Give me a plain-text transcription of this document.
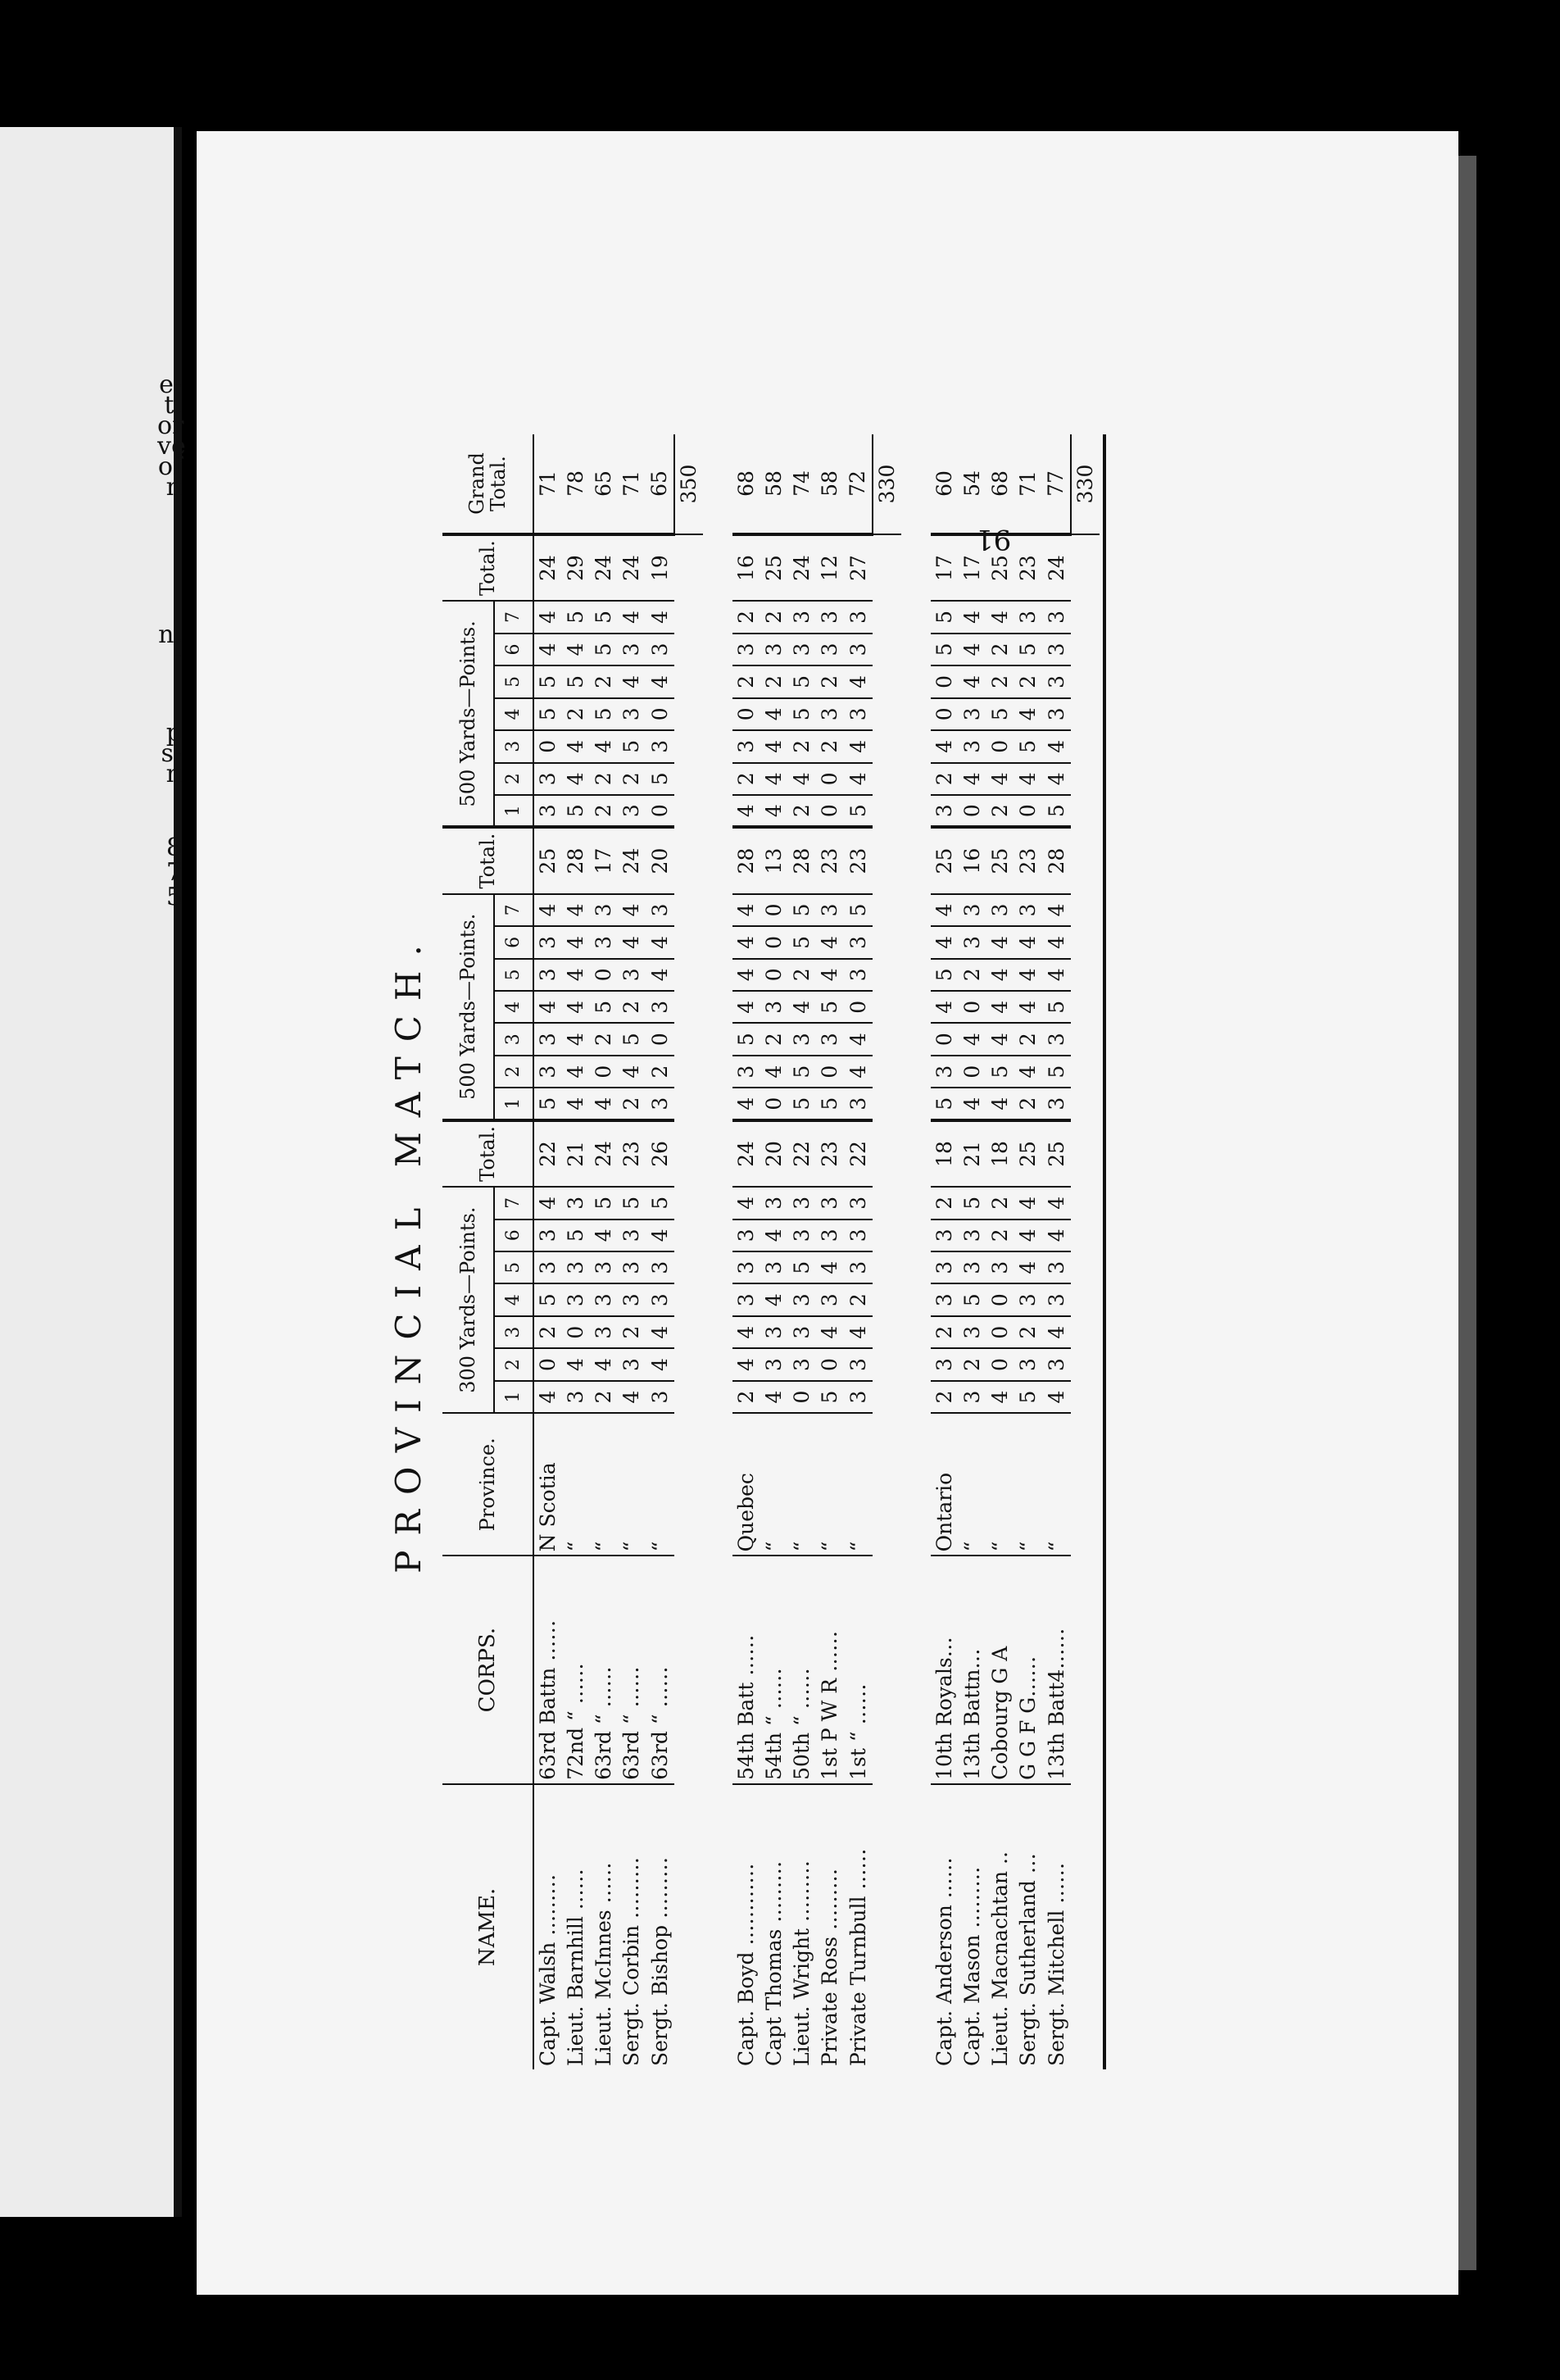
e-
t.
or
ve
of
n
n.
-
p
s-
n
8
7
5
91
PROVINCIAL MATCH.
NAME.	CORPS.	Province.	300 Yards—Points.							Total.	500 Yards—Points.							Total.	500 Yards—Points.							Total.	Grand Total.
			1	2	3	4	5	6	7		1	2	3	4	5	6	7		1	2	3	4	5	6	7		
Capt. Walsh ………	63rd Battn ……	N Scotia	4	0	2	5	3	3	4	22	5	3	3	4	3	3	4	25	3	3	0	5	5	4	4	24	71
Lieut. Barnhill ……	72nd “ ……	“	3	4	0	3	3	5	3	21	4	4	4	4	4	4	4	28	5	4	4	2	5	4	5	29	78
Lieut. McInnes ……	63rd “ ……	“	2	4	3	3	3	4	5	24	4	0	2	5	0	3	3	17	2	2	4	5	2	5	5	24	65
Sergt. Corbin ………	63rd “ ……	“	4	3	2	3	3	3	5	23	2	4	5	2	3	4	4	24	3	2	5	3	4	3	4	24	71
Sergt. Bishop ………	63rd “ ……	“	3	4	4	3	3	4	5	26	3	2	0	3	4	4	3	20	0	5	3	0	4	3	4	19	65
																											350

Capt. Boyd …………	54th Batt ……	Quebec	2	4	4	3	3	3	4	24	4	3	5	4	4	4	4	28	4	2	3	0	2	3	2	16	68
Capt Thomas ………	54th “ ……	“	4	3	3	4	3	4	3	20	0	4	2	3	0	0	0	13	4	4	4	4	2	3	2	25	58
Lieut. Wright ………	50th “ ……	“	0	3	3	3	5	3	3	22	5	5	3	4	2	5	5	28	2	4	2	5	5	3	3	24	74
Private Ross ………	1st P W R ……	“	5	0	4	3	4	3	3	23	5	0	3	5	4	4	3	23	0	0	2	3	2	3	3	12	58
Private Turnbull ……	1st “ ……	“	3	3	4	2	3	3	3	22	3	4	4	0	3	3	5	23	5	4	4	3	4	3	3	27	72
																											330

Capt. Anderson ……	10th Royals…	Ontario	2	3	2	3	3	3	2	18	5	3	0	4	5	4	4	25	3	2	4	0	0	5	5	17	60
Capt. Mason ………	13th Battn…	“	3	2	3	5	3	3	5	21	4	0	4	0	2	3	3	16	0	4	3	3	4	4	4	17	54
Lieut. Macnachtan ..	Cobourg G A	“	4	0	0	0	3	2	2	18	4	5	4	4	4	4	3	25	2	4	0	5	2	2	4	25	68
Sergt. Sutherland …	G G F G……	“	5	3	2	3	4	4	4	25	2	4	2	4	4	4	3	23	0	4	5	4	2	5	3	23	71
Sergt. Mitchell ……	13th Batt4……	“	4	3	4	3	3	4	4	25	3	5	3	5	4	4	4	28	5	4	4	3	3	3	3	24	77
																											330
